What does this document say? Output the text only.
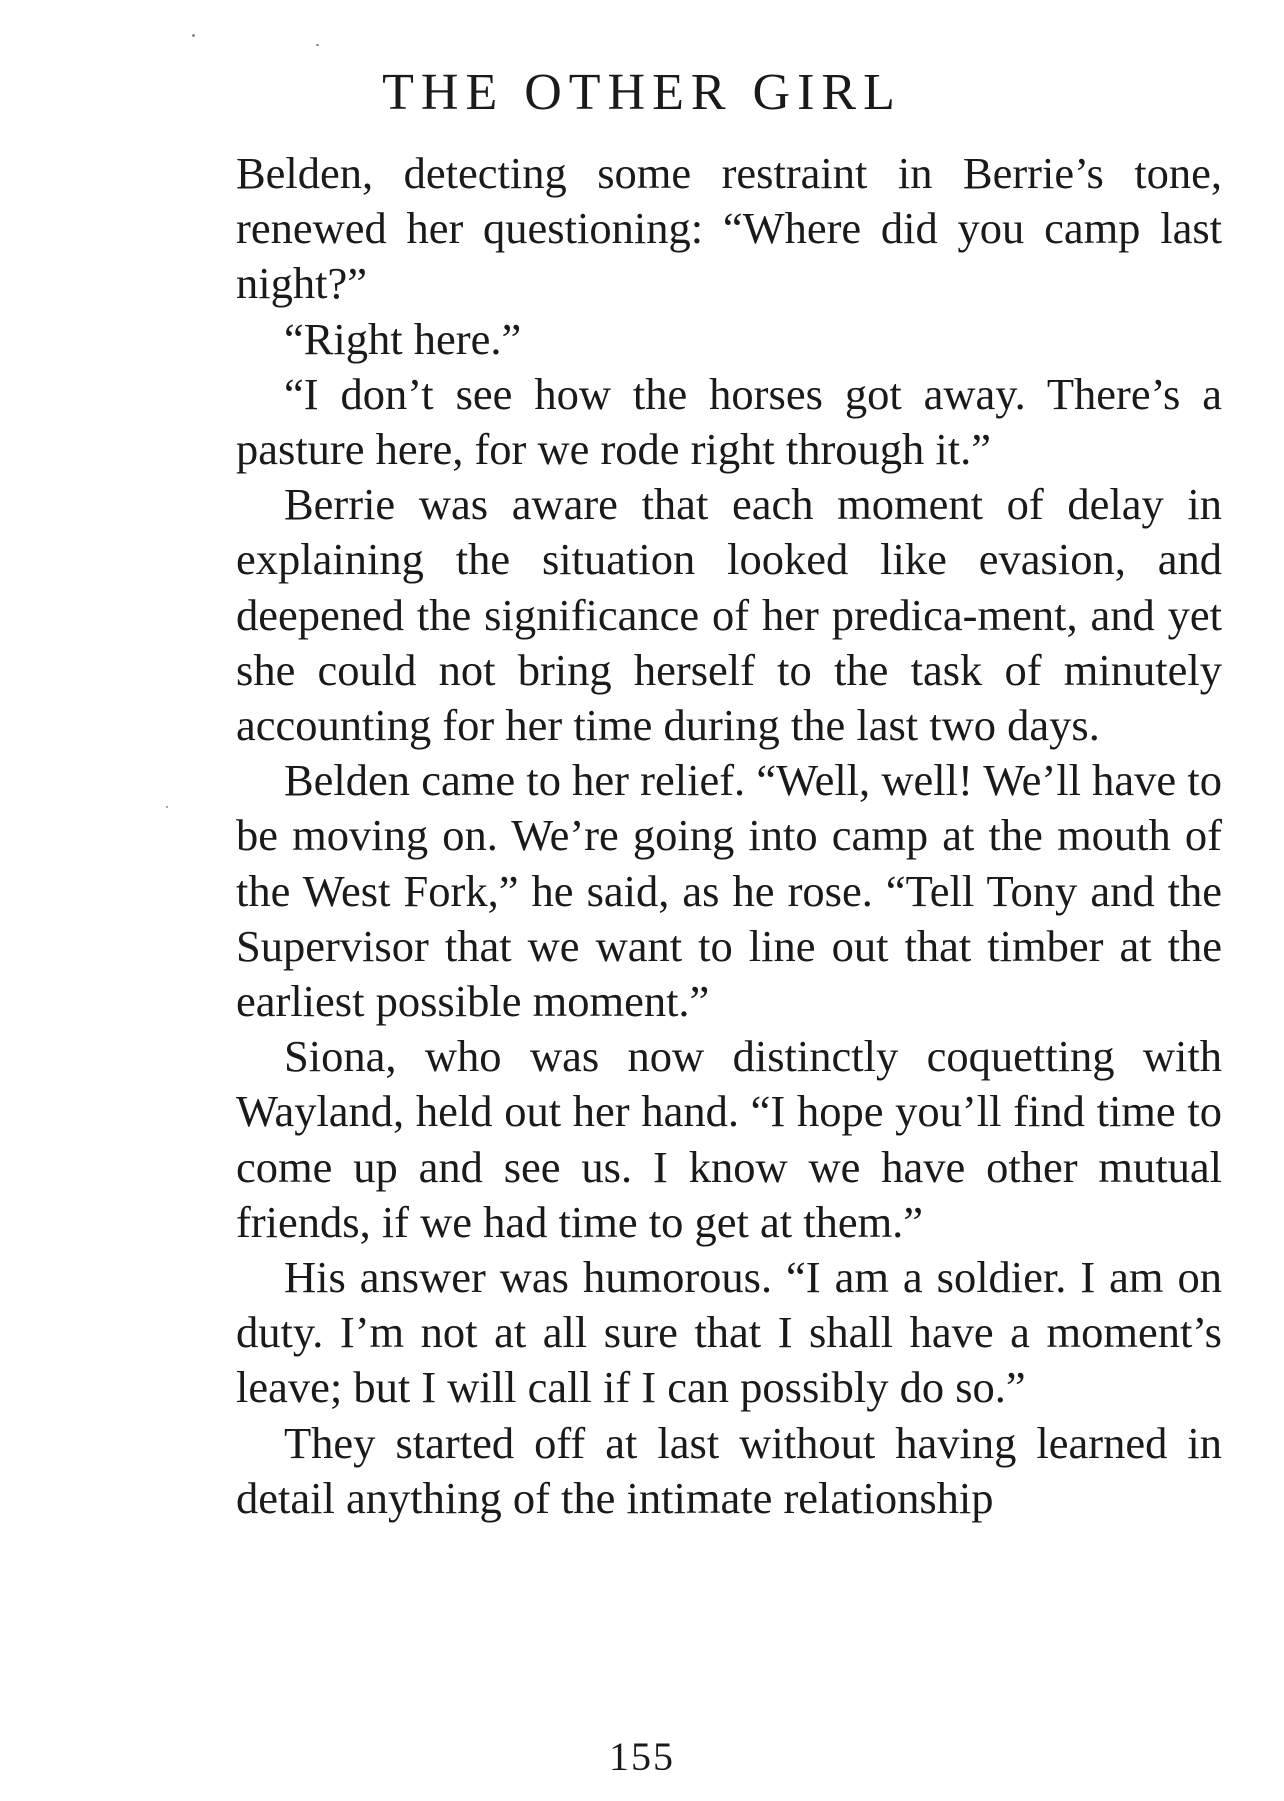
THE OTHER GIRL

Belden, detecting some restraint in Berrie’s tone, renewed her questioning: “Where did you camp last night?”

“Right here.”

“I don’t see how the horses got away. There’s a pasture here, for we rode right through it.”

Berrie was aware that each moment of delay in explaining the situation looked like evasion, and deepened the significance of her predica-ment, and yet she could not bring herself to the task of minutely accounting for her time during the last two days.

Belden came to her relief. “Well, well! We’ll have to be moving on. We’re going into camp at the mouth of the West Fork,” he said, as he rose. “Tell Tony and the Supervisor that we want to line out that timber at the earliest possible moment.”

Siona, who was now distinctly coquetting with Wayland, held out her hand. “I hope you’ll find time to come up and see us. I know we have other mutual friends, if we had time to get at them.”

His answer was humorous. “I am a soldier. I am on duty. I’m not at all sure that I shall have a moment’s leave; but I will call if I can possibly do so.”

They started off at last without having learned in detail anything of the intimate relationship

155
